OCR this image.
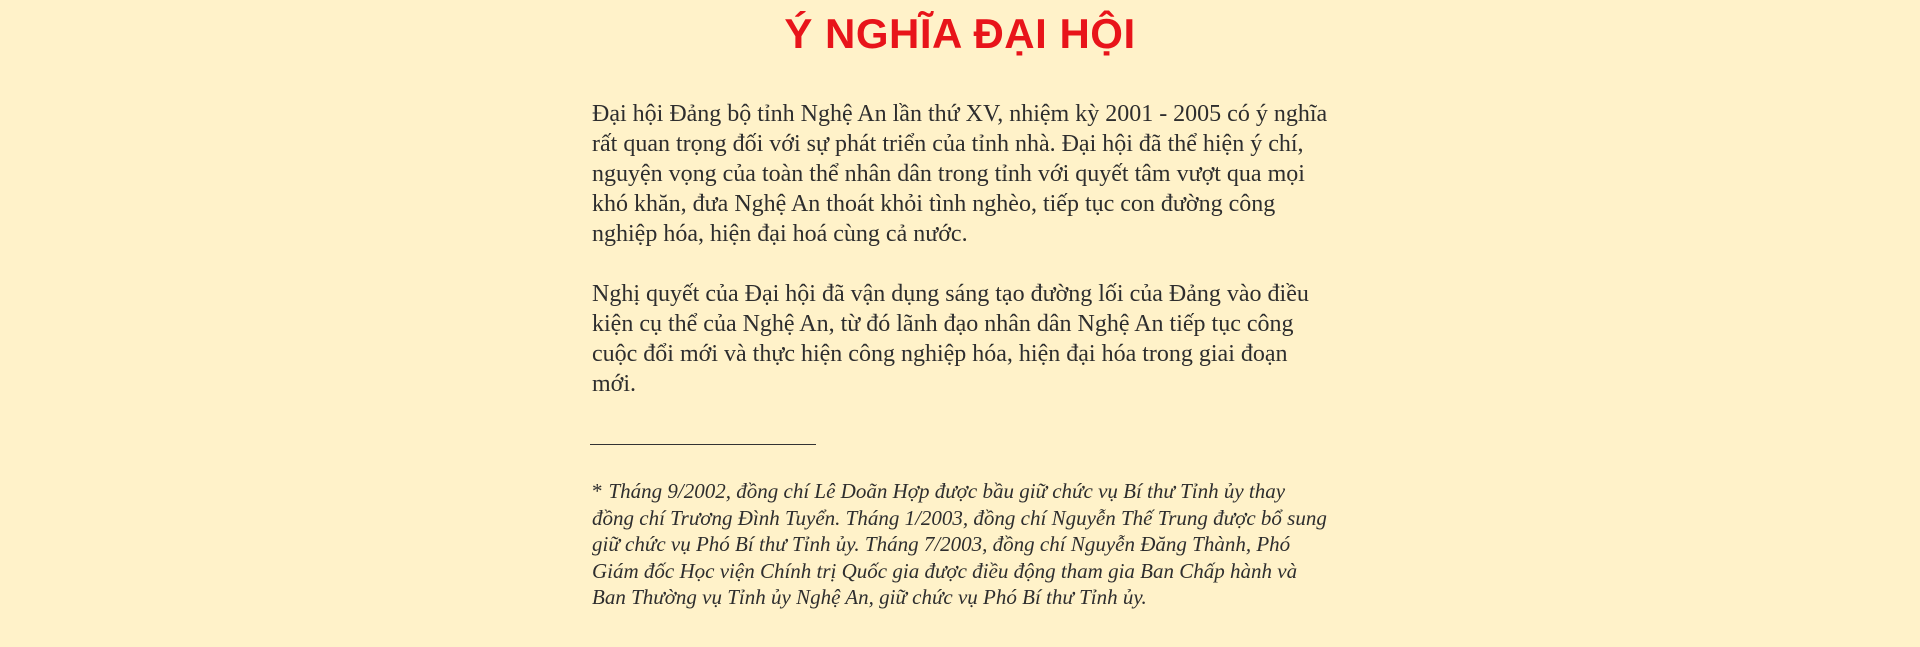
Ý NGHĨA ĐẠI HỘI

Đại hội Đảng bộ tỉnh Nghệ An lần thứ XV, nhiệm kỳ 2001 - 2005 có ý nghĩa rất quan trọng đối với sự phát triển của tỉnh nhà. Đại hội đã thể hiện ý chí, nguyện vọng của toàn thể nhân dân trong tỉnh với quyết tâm vượt qua mọi khó khăn, đưa Nghệ An thoát khỏi tình nghèo, tiếp tục con đường công nghiệp hóa, hiện đại hoá cùng cả nước.

Nghị quyết của Đại hội đã vận dụng sáng tạo đường lối của Đảng vào điều kiện cụ thể của Nghệ An, từ đó lãnh đạo nhân dân Nghệ An tiếp tục công cuộc đổi mới và thực hiện công nghiệp hóa, hiện đại hóa trong giai đoạn mới.

* Tháng 9/2002, đồng chí Lê Doãn Hợp được bầu giữ chức vụ Bí thư Tỉnh ủy thay đồng chí Trương Đình Tuyển. Tháng 1/2003, đồng chí Nguyễn Thế Trung được bổ sung giữ chức vụ Phó Bí thư Tỉnh ủy. Tháng 7/2003, đồng chí Nguyễn Đăng Thành, Phó Giám đốc Học viện Chính trị Quốc gia được điều động tham gia Ban Chấp hành và Ban Thường vụ Tỉnh ủy Nghệ An, giữ chức vụ Phó Bí thư Tỉnh ủy.
